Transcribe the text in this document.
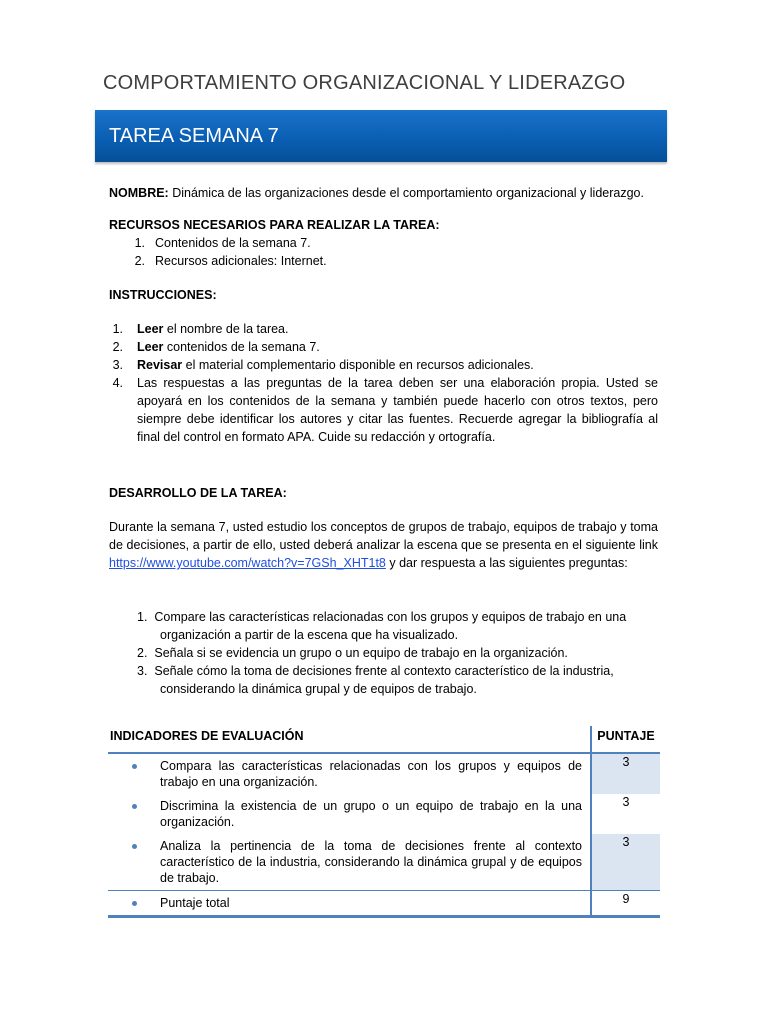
COMPORTAMIENTO ORGANIZACIONAL Y LIDERAZGO
TAREA SEMANA 7

NOMBRE: Dinámica de las organizaciones desde el comportamiento organizacional y liderazgo.

RECURSOS NECESARIOS PARA REALIZAR LA TAREA:

1. Contenidos de la semana 7.
2. Recursos adicionales: Internet.

INSTRUCCIONES:

1. Leer el nombre de la tarea.
2. Leer contenidos de la semana 7.
3. Revisar el material complementario disponible en recursos adicionales.
4. Las respuestas a las preguntas de la tarea deben ser una elaboración propia. Usted se apoyará en los contenidos de la semana y también puede hacerlo con otros textos, pero siempre debe identificar los autores y citar las fuentes. Recuerde agregar la bibliografía al final del control en formato APA. Cuide su redacción y ortografía.

DESARROLLO DE LA TAREA:

Durante la semana 7, usted estudio los conceptos de grupos de trabajo, equipos de trabajo y toma de decisiones, a partir de ello, usted deberá analizar la escena que se presenta en el siguiente link https://www.youtube.com/watch?v=7GSh_XHT1t8 y dar respuesta a las siguientes preguntas:

1. Compare las características relacionadas con los grupos y equipos de trabajo en una
organización a partir de la escena que ha visualizado.
2. Señala si se evidencia un grupo o un equipo de trabajo en la organización.
3. Señale cómo la toma de decisiones frente al contexto característico de la industria,
considerando la dinámica grupal y de equipos de trabajo.
INDICADORES DE EVALUACIÓN	PUNTAJE

Compara las características relacionadas con los grupos y equipos de trabajo en una organización.	3

Discrimina la existencia de un grupo o un equipo de trabajo en la una organización.	3

Analiza la pertinencia de la toma de decisiones frente al contexto característico de la industria, considerando la dinámica grupal y de equipos de trabajo.	3

Puntaje total	9
